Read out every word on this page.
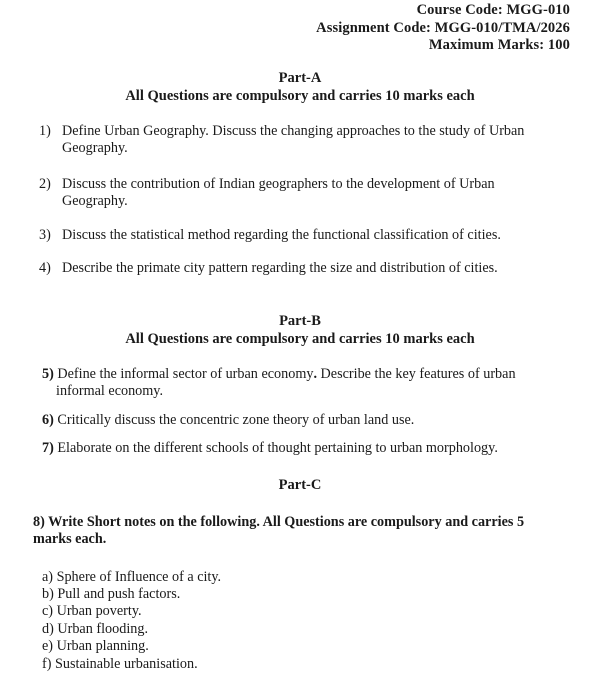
Course Code: MGG-010
Assignment Code: MGG-010/TMA/2026
Maximum Marks: 100
Part-A
All Questions are compulsory and carries 10 marks each
1) Define Urban Geography. Discuss the changing approaches to the study of Urban Geography.
2) Discuss the contribution of Indian geographers to the development of Urban Geography.
3) Discuss the statistical method regarding the functional classification of cities.
4) Describe the primate city pattern regarding the size and distribution of cities.
Part-B
All Questions are compulsory and carries 10 marks each
5) Define the informal sector of urban economy. Describe the key features of urban informal economy.
6) Critically discuss the concentric zone theory of urban land use.
7) Elaborate on the different schools of thought pertaining to urban morphology.
Part-C
8) Write Short notes on the following. All Questions are compulsory and carries 5 marks each.
a) Sphere of Influence of a city.
b) Pull and push factors.
c) Urban poverty.
d) Urban flooding.
e) Urban planning.
f) Sustainable urbanisation.
